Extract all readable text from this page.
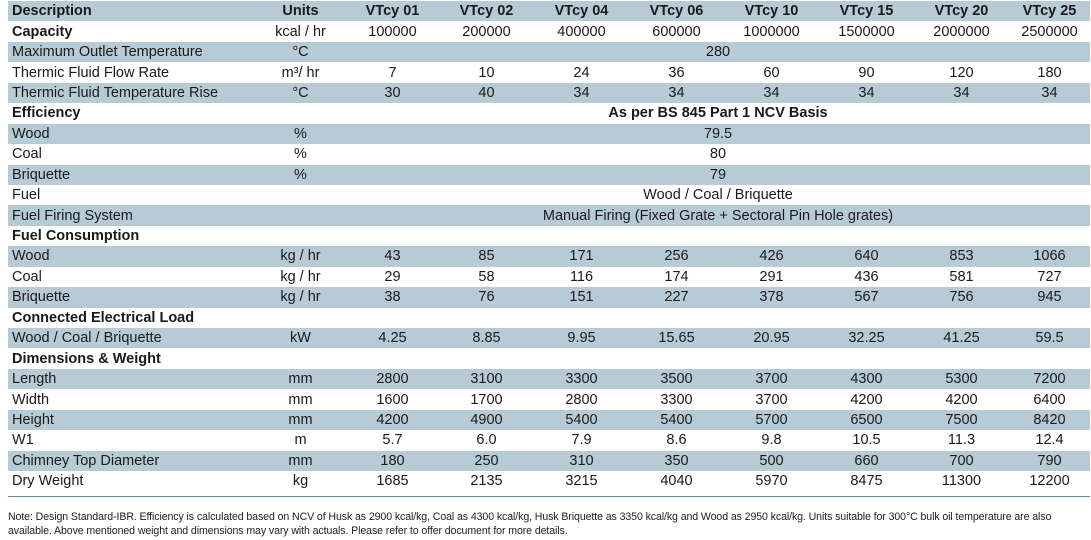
Description	Units	VTcy 01	VTcy 02	VTcy 04	VTcy 06	VTcy 10	VTcy 15	VTcy 20	VTcy 25
Capacity	kcal / hr	100000	200000	400000	600000	1000000	1500000	2000000	2500000
Maximum Outlet Temperature	°C	280							
Thermic Fluid Flow Rate	m³/ hr	7	10	24	36	60	90	120	180
Thermic Fluid Temperature Rise	°C	30	40	34	34	34	34	34	34
Efficiency		As per BS 845 Part 1 NCV Basis							
Wood	%	79.5							
Coal	%	80							
Briquette	%	79							
Fuel		Wood / Coal / Briquette							
Fuel Firing System		Manual Firing (Fixed Grate + Sectoral Pin Hole grates)							
Fuel Consumption									
Wood	kg / hr	43	85	171	256	426	640	853	1066
Coal	kg / hr	29	58	116	174	291	436	581	727
Briquette	kg / hr	38	76	151	227	378	567	756	945
Connected Electrical Load									
Wood / Coal / Briquette	kW	4.25	8.85	9.95	15.65	20.95	32.25	41.25	59.5
Dimensions & Weight									
Length	mm	2800	3100	3300	3500	3700	4300	5300	7200
Width	mm	1600	1700	2800	3300	3700	4200	4200	6400
Height	mm	4200	4900	5400	5400	5700	6500	7500	8420
W1	m	5.7	6.0	7.9	8.6	9.8	10.5	11.3	12.4
Chimney Top Diameter	mm	180	250	310	350	500	660	700	790
Dry Weight	kg	1685	2135	3215	4040	5970	8475	11300	12200
Note: Design Standard-IBR. Efficiency is calculated based on NCV of Husk as 2900 kcal/kg, Coal as 4300 kcal/kg, Husk Briquette as 3350 kcal/kg and Wood as 2950 kcal/kg. Units suitable for 300°C bulk oil temperature are also available. Above mentioned weight and dimensions may vary with actuals. Please refer to offer document for more details.
